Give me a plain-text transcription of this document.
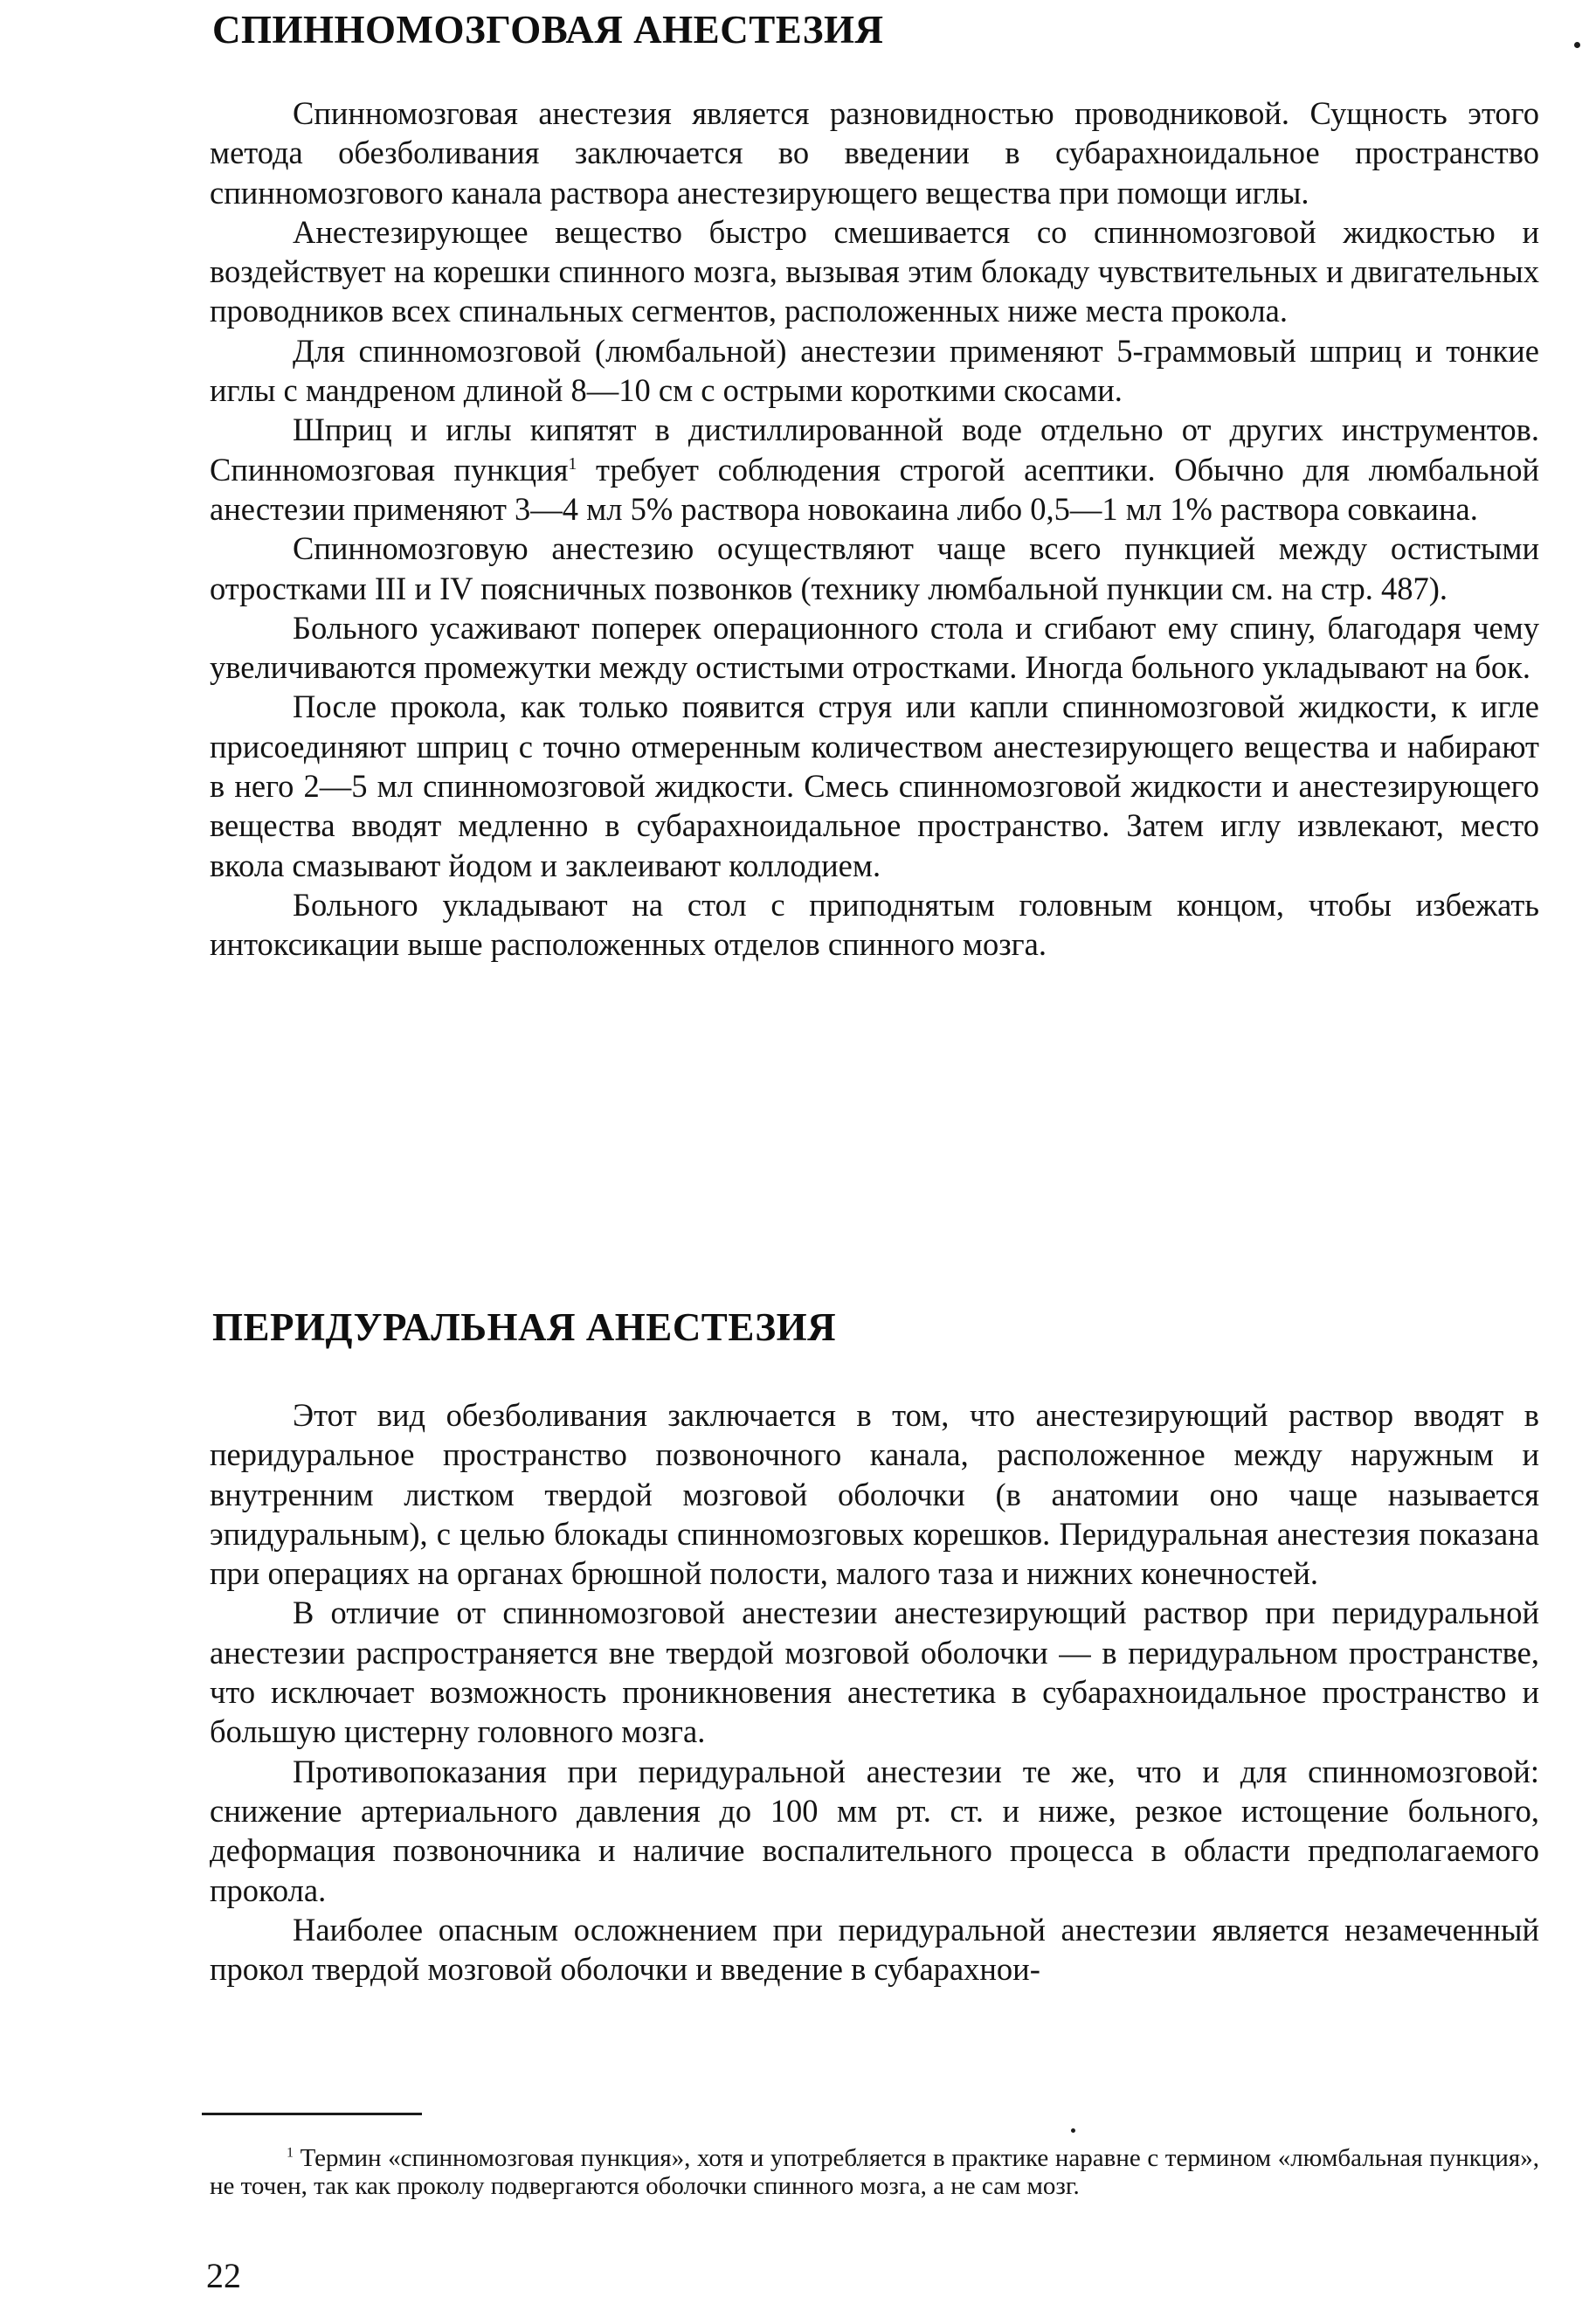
СПИННОМОЗГОВАЯ АНЕСТЕЗИЯ

Спинномозговая анестезия является разновидностью проводниковой. Сущность этого метода обезболивания заключается во введении в субарахноидальное пространство спинномозгового канала раствора анестезирующего вещества при помощи иглы.

Анестезирующее вещество быстро смешивается со спинномозговой жидкостью и воздействует на корешки спинного мозга, вызывая этим блокаду чувствительных и двигательных проводников всех спинальных сегментов, расположенных ниже места прокола.

Для спинномозговой (люмбальной) анестезии применяют 5-граммовый шприц и тонкие иглы с мандреном длиной 8—10 см с острыми короткими скосами.

Шприц и иглы кипятят в дистиллированной воде отдельно от других инструментов. Спинномозговая пункция$^1$ требует соблюдения строгой асептики. Обычно для люмбальной анестезии применяют 3—4 мл 5% раствора новокаина либо 0,5—1 мл 1% раствора совкаина.

Спинномозговую анестезию осуществляют чаще всего пункцией между остистыми отростками III и IV поясничных позвонков (технику люмбальной пункции см. на стр. 487).

Больного усаживают поперек операционного стола и сгибают ему спину, благодаря чему увеличиваются промежутки между остистыми отростками. Иногда больного укладывают на бок.

После прокола, как только появится струя или капли спинномозговой жидкости, к игле присоединяют шприц с точно отмеренным количеством анестезирующего вещества и набирают в него 2—5 мл спинномозговой жидкости. Смесь спинномозговой жидкости и анестезирующего вещества вводят медленно в субарахноидальное пространство. Затем иглу извлекают, место вкола смазывают йодом и заклеивают коллодием.

Больного укладывают на стол с приподнятым головным концом, чтобы избежать интоксикации выше расположенных отделов спинного мозга.

ПЕРИДУРАЛЬНАЯ АНЕСТЕЗИЯ

Этот вид обезболивания заключается в том, что анестезирующий раствор вводят в перидуральное пространство позвоночного канала, расположенное между наружным и внутренним листком твердой мозговой оболочки (в анатомии оно чаще называется эпидуральным), с целью блокады спинномозговых корешков. Перидуральная анестезия показана при операциях на органах брюшной полости, малого таза и нижних конечностей.

В отличие от спинномозговой анестезии анестезирующий раствор при перидуральной анестезии распространяется вне твердой мозговой оболочки — в перидуральном пространстве, что исключает возможность проникновения анестетика в субарахноидальное пространство и большую цистерну головного мозга.

Противопоказания при перидуральной анестезии те же, что и для спинномозговой: снижение артериального давления до 100 мм рт. ст. и ниже, резкое истощение больного, деформация позвоночника и наличие воспалительного процесса в области предполагаемого прокола.

Наиболее опасным осложнением при перидуральной анестезии является незамеченный прокол твердой мозговой оболочки и введение в субарахнои-

$^1$ Термин «спинномозговая пункция», хотя и употребляется в практике наравне с термином «люмбальная пункция», не точен, так как проколу подвергаются оболочки спинного мозга, а не сам мозг.

22
